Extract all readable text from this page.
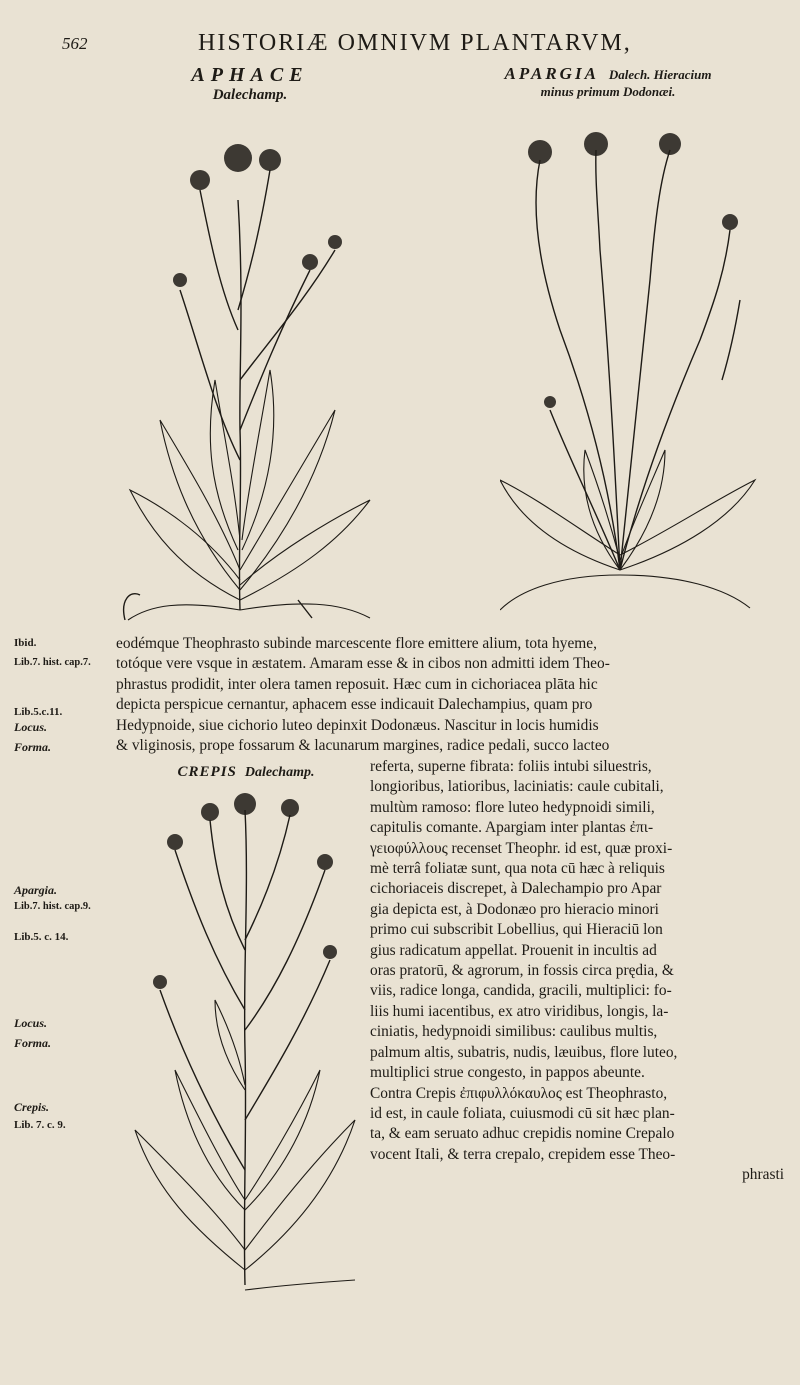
562	HISTORIÆ OMNIVM PLANTARVM,
APHACE
Dalechamp.
APARGIA Dalech. Hieracium
minus primum Dodonæi.
CREPIS Dalechamp.
Ibid.
Lib.7. hist. cap.7.
Lib.5.c.11.
Locus.
Forma.
Apargia.
Lib.7. hist. cap.9.
Lib.5. c. 14.
Locus.
Forma.
Crepis.
Lib. 7. c. 9.
eodémque Theophrasto subinde marcescente flore emittere alium, tota hyeme,
totóque vere vsque in æstatem. Amaram esse & in cibos non admitti idem Theo-
phrastus prodidit, inter olera tamen reposuit. Hæc cum in cichoriacea plāta hic
depicta perspicue cernantur, aphacem esse indicauit Dalechampius, quam pro
Hedypnoide, siue cichorio luteo depinxit Dodonæus. Nascitur in locis humidis
& vliginosis, prope fossarum & lacunarum margines, radice pedali, succo lacteo
referta, superne fibrata: foliis intubi siluestris,
longioribus, latioribus, laciniatis: caule cubitali,
multùm ramoso: flore luteo hedypnoidi simili,
capitulis comante. Apargiam inter plantas ἐπι-
γειοφύλλους recenset Theophr. id est, quæ proxi-
mè terrâ foliatæ sunt, qua nota cū hæc à reliquis
cichoriaceis discrepet, à Dalechampio pro Apar
gia depicta est, à Dodonæo pro hieracio minori
primo cui subscribit Lobellius, qui Hieraciū lon
gius radicatum appellat. Prouenit in incultis ad
oras pratorū, & agrorum, in fossis circa prędia, &
viis, radice longa, candida, gracili, multiplici: fo-
liis humi iacentibus, ex atro viridibus, longis, la-
ciniatis, hedypnoidi similibus: caulibus multis,
palmum altis, subatris, nudis, læuibus, flore luteo,
multiplici strue congesto, in pappos abeunte.
Contra Crepis ἐπιφυλλόκαυλος est Theophrasto,
id est, in caule foliata, cuiusmodi cū sit hæc plan-
ta, & eam seruato adhuc crepidis nomine Crepalo
vocent Itali, & terra crepalo, crepidem esse Theo-
phrasti
